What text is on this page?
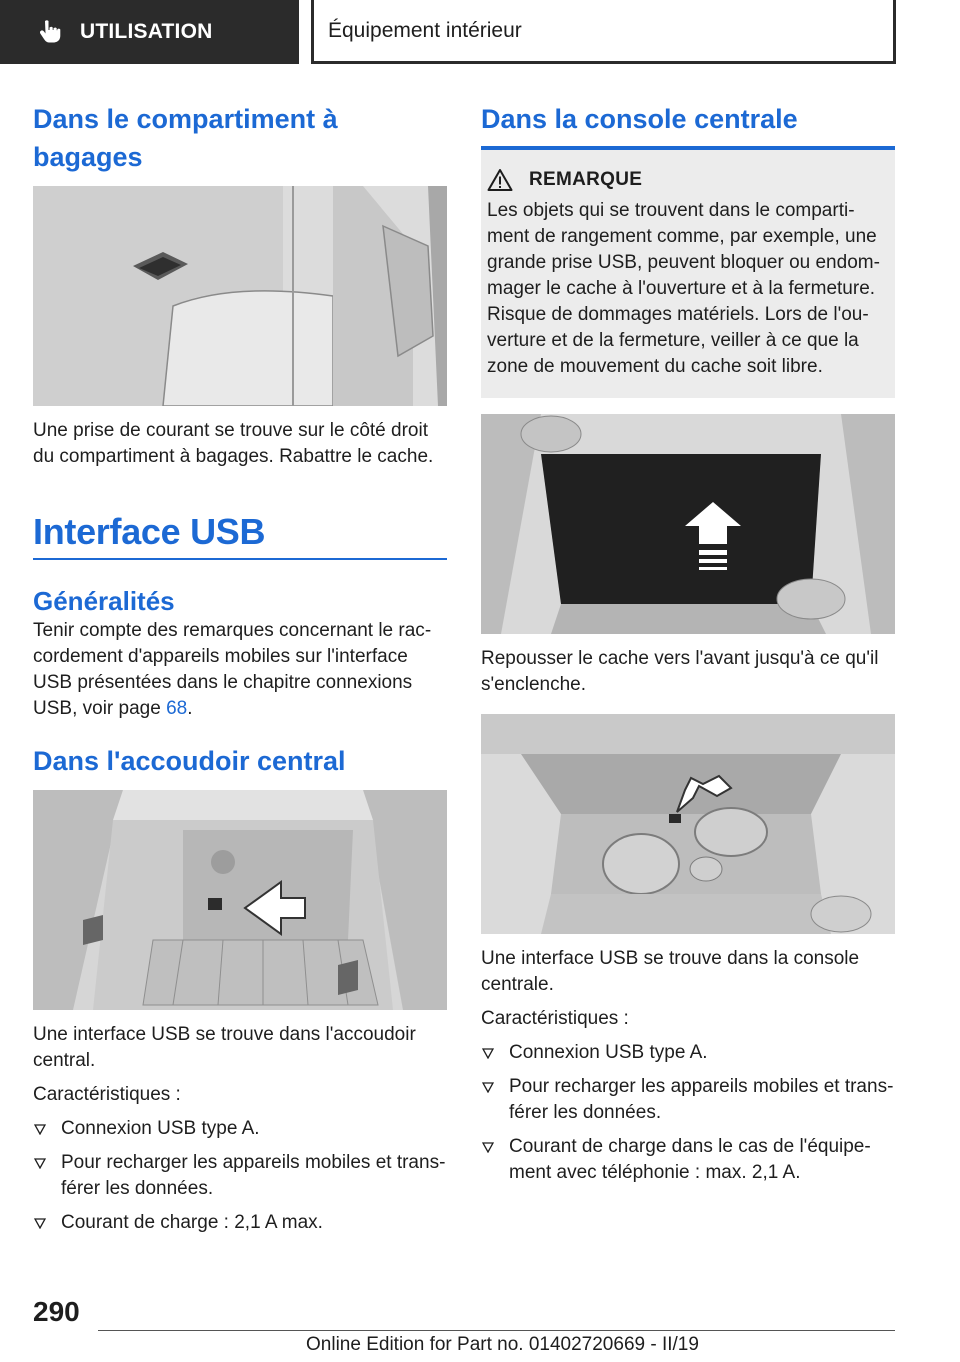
UTILISATION	Équipement intérieur
Dans le compartiment à bagages

Une prise de courant se trouve sur le côté droit du compartiment à bagages. Rabattre le cache.

Interface USB
Généralités

Tenir compte des remarques concernant le raccordement d'appareils mobiles sur l'interface USB présentées dans le chapitre connexions USB, voir page 68.

Dans l'accoudoir central

Une interface USB se trouve dans l'accoudoir central.

Caractéristiques :

Connexion USB type A.
Pour recharger les appareils mobiles et transférer les données.
Courant de charge : 2,1 A max.
Dans la console centrale
REMARQUE

Les objets qui se trouvent dans le compartiment de rangement comme, par exemple, une grande prise USB, peuvent bloquer ou endommager le cache à l'ouverture et à la fermeture. Risque de dommages matériels. Lors de l'ouverture et de la fermeture, veiller à ce que la zone de mouvement du cache soit libre.

Repousser le cache vers l'avant jusqu'à ce qu'il s'enclenche.

Une interface USB se trouve dans la console centrale.

Caractéristiques :

Connexion USB type A.
Pour recharger les appareils mobiles et transférer les données.
Courant de charge dans le cas de l'équipement avec téléphonie : max. 2,1 A.
290
Online Edition for Part no. 01402720669 - II/19
